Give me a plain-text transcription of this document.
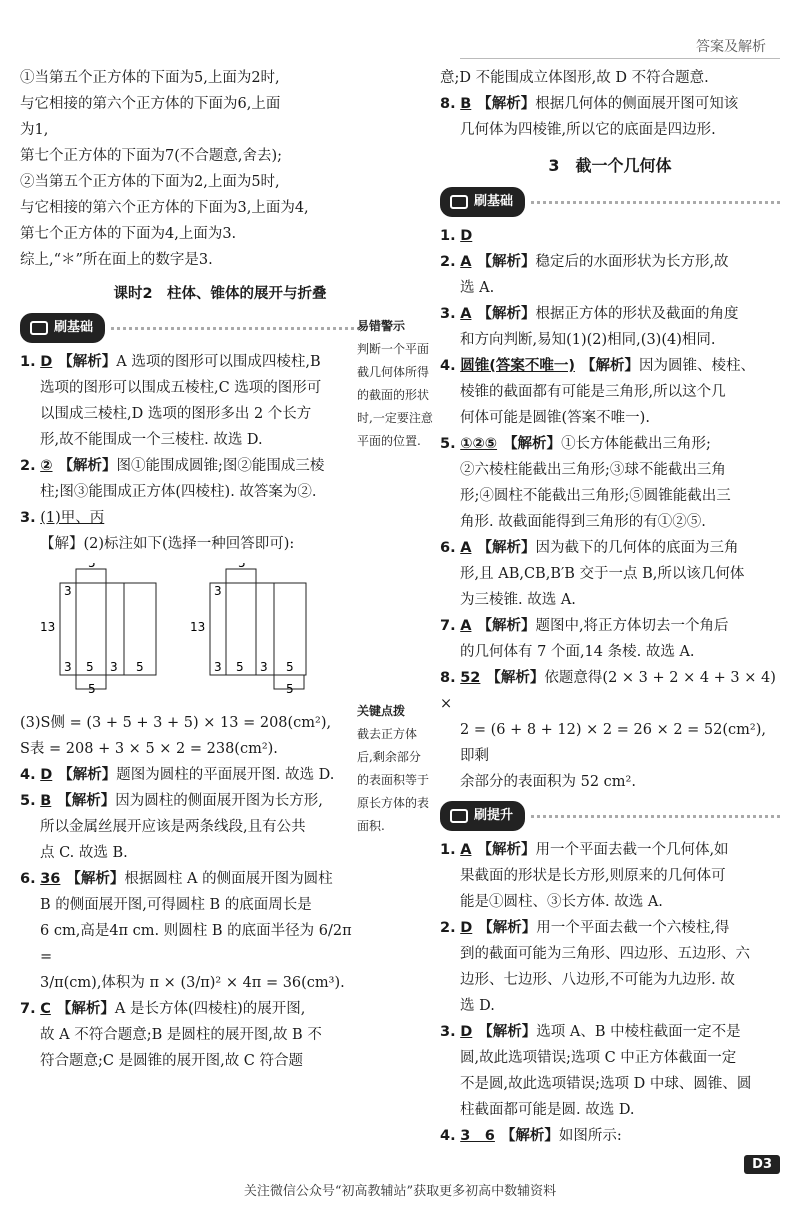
答案及解析

①当第五个正方体的下面为5,上面为2时,

与它相接的第六个正方体的下面为6,上面

为1,

第七个正方体的下面为7(不合题意,舍去);

②当第五个正方体的下面为2,上面为5时,

与它相接的第六个正方体的下面为3,上面为4,

第七个正方体的下面为4,上面为3.

综上,“＊”所在面上的数字是3.

课时2　柱体、锥体的展开与折叠

刷基础

1. D 【解析】A 选项的图形可以围成四棱柱,B

选项的图形可以围成五棱柱,C 选项的图形可

以围成三棱柱,D 选项的图形多出 2 个长方

形,故不能围成一个三棱柱. 故选 D.

2. ② 【解析】图①能围成圆锥;图②能围成三棱

柱;图③能围成正方体(四棱柱). 故答案为②.

3. (1)甲、丙

【解】(2)标注如下(选择一种回答即可):

5
3
13
3 5 3 5
5
5
3
13
3 5 3 5
5

(3)S侧 = (3 + 5 + 3 + 5) × 13 = 208(cm²),

S表 = 208 + 3 × 5 × 2 = 238(cm²).

4. D 【解析】题图为圆柱的平面展开图. 故选 D.

5. B 【解析】因为圆柱的侧面展开图为长方形,

所以金属丝展开应该是两条线段,且有公共

点 C. 故选 B.

6. 36 【解析】根据圆柱 A 的侧面展开图为圆柱

B 的侧面展开图,可得圆柱 B 的底面周长是

6 cm,高是4π cm. 则圆柱 B 的底面半径为 6/2π =

3/π(cm),体积为 π × (3/π)² × 4π = 36(cm³).

7. C 【解析】A 是长方体(四棱柱)的展开图,

故 A 不符合题意;B 是圆柱的展开图,故 B 不

符合题意;C 是圆锥的展开图,故 C 符合题

易错警示
判断一个平面
截几何体所得
的截面的形状
时,一定要注意
平面的位置.
关键点拨
截去正方体
后,剩余部分
的表面积等于
原长方体的表
面积.

意;D 不能围成立体图形,故 D 不符合题意.

8. B 【解析】根据几何体的侧面展开图可知该

几何体为四棱锥,所以它的底面是四边形.

3　截一个几何体

刷基础

1. D

2. A 【解析】稳定后的水面形状为长方形,故

选 A.

3. A 【解析】根据正方体的形状及截面的角度

和方向判断,易知(1)(2)相同,(3)(4)相同.

4. 圆锥(答案不唯一) 【解析】因为圆锥、棱柱、

棱锥的截面都有可能是三角形,所以这个几

何体可能是圆锥(答案不唯一).

5. ①②⑤ 【解析】①长方体能截出三角形;

②六棱柱能截出三角形;③球不能截出三角

形;④圆柱不能截出三角形;⑤圆锥能截出三

角形. 故截面能得到三角形的有①②⑤.

6. A 【解析】因为截下的几何体的底面为三角

形,且 AB,CB,B′B 交于一点 B,所以该几何体

为三棱锥. 故选 A.

7. A 【解析】题图中,将正方体切去一个角后

的几何体有 7 个面,14 条棱. 故选 A.

8. 52 【解析】依题意得(2 × 3 + 2 × 4 + 3 × 4) ×

2 = (6 + 8 + 12) × 2 = 26 × 2 = 52(cm²),即剩

余部分的表面积为 52 cm².

刷提升

1. A 【解析】用一个平面去截一个几何体,如

果截面的形状是长方形,则原来的几何体可

能是①圆柱、③长方体. 故选 A.

2. D 【解析】用一个平面去截一个六棱柱,得

到的截面可能为三角形、四边形、五边形、六

边形、七边形、八边形,不可能为九边形. 故

选 D.

3. D 【解析】选项 A、B 中棱柱截面一定不是

圆,故此选项错误;选项 C 中正方体截面一定

不是圆,故此选项错误;选项 D 中球、圆锥、圆

柱截面都可能是圆. 故选 D.

4. 3　6 【解析】如图所示:

D3
关注微信公众号“初高教辅站”获取更多初高中数辅资料
